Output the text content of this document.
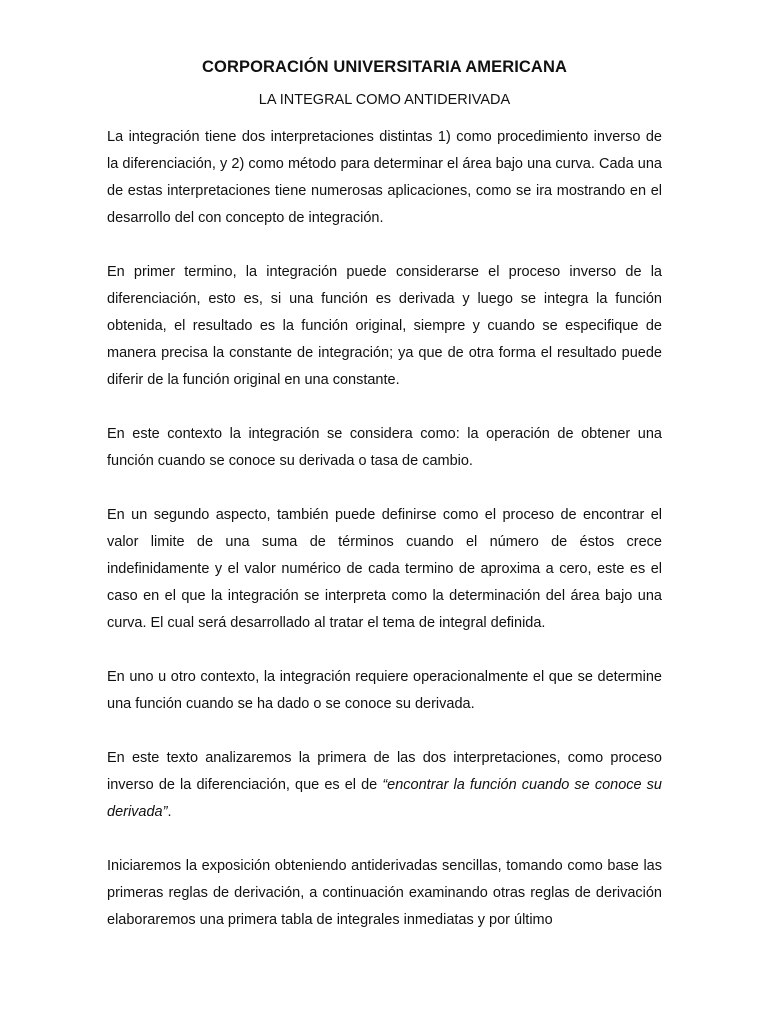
CORPORACIÓN UNIVERSITARIA AMERICANA
LA INTEGRAL COMO ANTIDERIVADA

La integración tiene dos interpretaciones distintas 1) como procedimiento inverso de la diferenciación, y 2) como método para determinar el área bajo una curva. Cada una de estas interpretaciones tiene numerosas aplicaciones, como se ira mostrando en el desarrollo del con concepto de integración.

En primer termino, la integración puede considerarse el proceso inverso de la diferenciación, esto es, si una función es derivada y luego se integra la función obtenida, el resultado es la función original, siempre y cuando se especifique de manera precisa la constante de integración; ya que de otra forma el resultado puede diferir de la función original en una constante.

En este contexto la integración se considera como: la operación de obtener una función cuando se conoce su derivada o tasa de cambio.

En un segundo aspecto, también puede definirse como el proceso de encontrar el valor limite de una suma de términos cuando el número de éstos crece indefinidamente y el valor numérico de cada termino de aproxima a cero, este es el caso en el que la integración se interpreta como la determinación del área bajo una curva. El cual será desarrollado al tratar el tema de integral definida.

En uno u otro contexto, la integración requiere operacionalmente el que se determine una función cuando se ha dado o se conoce su derivada.

En este texto analizaremos la primera de las dos interpretaciones, como proceso inverso de la diferenciación, que es el de “encontrar la función cuando se conoce su derivada”.

Iniciaremos la exposición obteniendo antiderivadas sencillas, tomando como base las primeras reglas de derivación, a continuación examinando otras reglas de derivación elaboraremos una primera tabla de integrales inmediatas y por último
